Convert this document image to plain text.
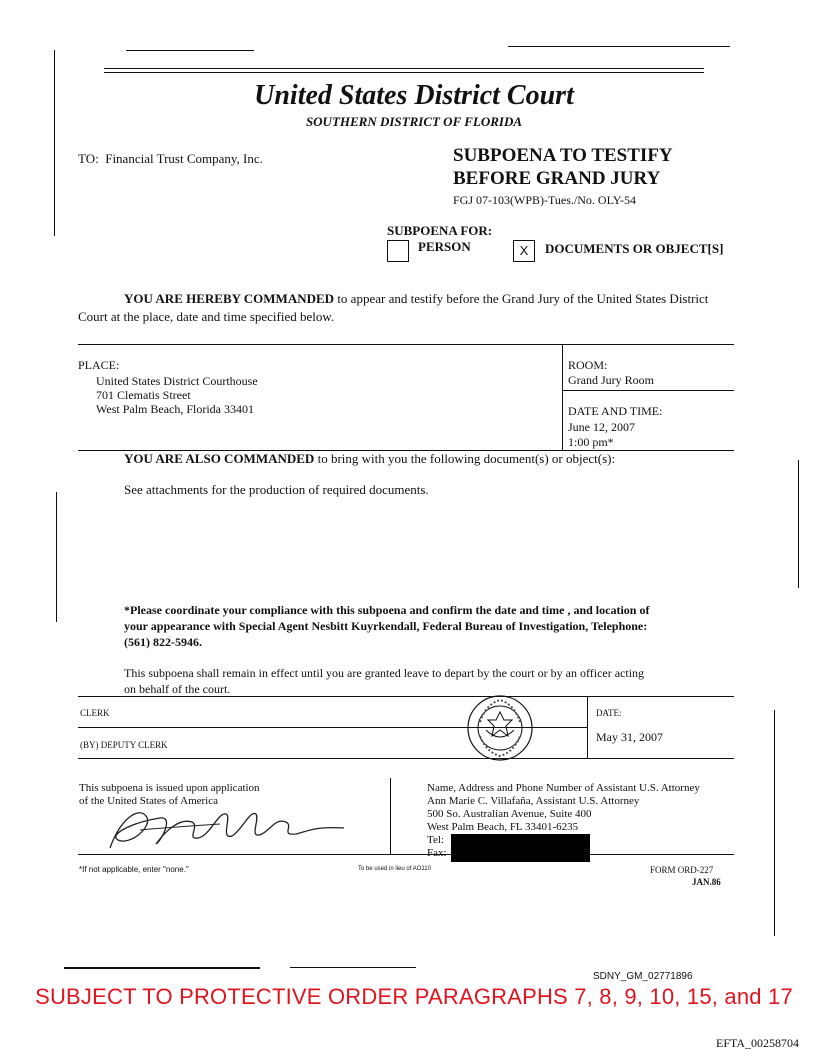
United States District Court
SOUTHERN DISTRICT OF FLORIDA
TO: Financial Trust Company, Inc.	SUBPOENA TO TESTIFY
BEFORE GRAND JURY
FGJ 07-103(WPB)-Tues./No. OLY-54
SUBPOENA FOR:
PERSON	X	DOCUMENTS OR OBJECT[S]
YOU ARE HEREBY COMMANDED to appear and testify before the Grand Jury of the United States District
Court at the place, date and time specified below.
PLACE:
United States District Courthouse
701 Clematis Street
West Palm Beach, Florida 33401
ROOM:
Grand Jury Room
DATE AND TIME:
June 12, 2007
1:00 pm*
YOU ARE ALSO COMMANDED to bring with you the following document(s) or object(s):
See attachments for the production of required documents.
*Please coordinate your compliance with this subpoena and confirm the date and time , and location of
your appearance with Special Agent Nesbitt Kuyrkendall, Federal Bureau of Investigation, Telephone:
(561) 822-5946.
This subpoena shall remain in effect until you are granted leave to depart by the court or by an officer acting
on behalf of the court.
CLERK
(BY) DEPUTY CLERK
DATE:
May 31, 2007
This subpoena is issued upon application
of the United States of America
Name, Address and Phone Number of Assistant U.S. Attorney
Ann Marie C. Villafaña, Assistant U.S. Attorney
500 So. Australian Avenue, Suite 400
West Palm Beach, FL 33401-6235
Tel:
Fax:
*If not applicable, enter "none."	To be used in lieu of AO110	FORM ORD-227
JAN.86
SDNY_GM_02771896
SUBJECT TO PROTECTIVE ORDER PARAGRAPHS 7, 8, 9, 10, 15, and 17
EFTA_00258704
